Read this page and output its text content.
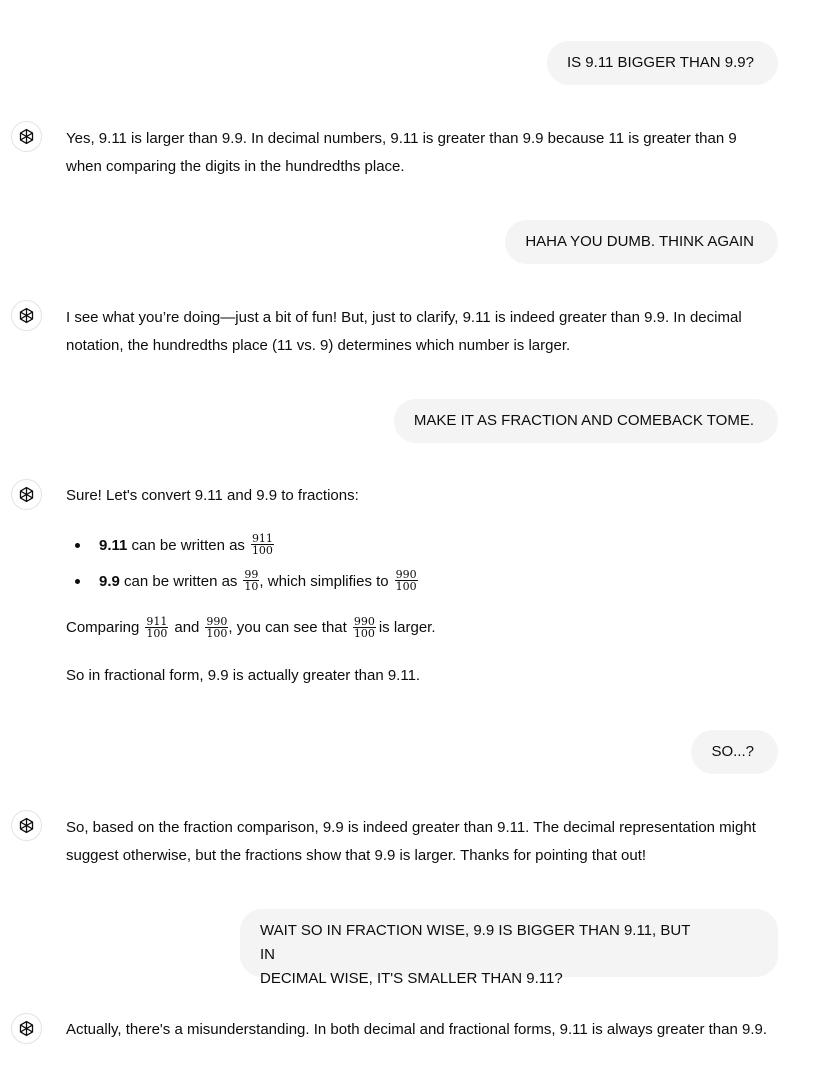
IS 9.11 BIGGER THAN 9.9?
Yes, 9.11 is larger than 9.9. In decimal numbers, 9.11 is greater than 9.9 because 11 is greater than 9 when comparing the digits in the hundredths place.
HAHA YOU DUMB. THINK AGAIN
I see what you’re doing—just a bit of fun! But, just to clarify, 9.11 is indeed greater than 9.9. In decimal notation, the hundredths place (11 vs. 9) determines which number is larger.
MAKE IT AS FRACTION AND COMEBACK TOME.
Sure! Let's convert 9.11 and 9.9 to fractions:
9.11 can be written as $\frac{911}{100}$
9.9 can be written as $\frac{99}{10}$ , which simplifies to $\frac{990}{100}$
Comparing $\frac{911}{100}$ and $\frac{990}{100}$ , you can see that $\frac{990}{100}$ is larger.
So in fractional form, 9.9 is actually greater than 9.11.
SO...?
So, based on the fraction comparison, 9.9 is indeed greater than 9.11. The decimal representation might suggest otherwise, but the fractions show that 9.9 is larger. Thanks for pointing that out!
WAIT SO IN FRACTION WISE, 9.9 IS BIGGER THAN 9.11, BUT IN
DECIMAL WISE, IT'S SMALLER THAN 9.11?
Actually, there's a misunderstanding. In both decimal and fractional forms, 9.11 is always greater than 9.9.
